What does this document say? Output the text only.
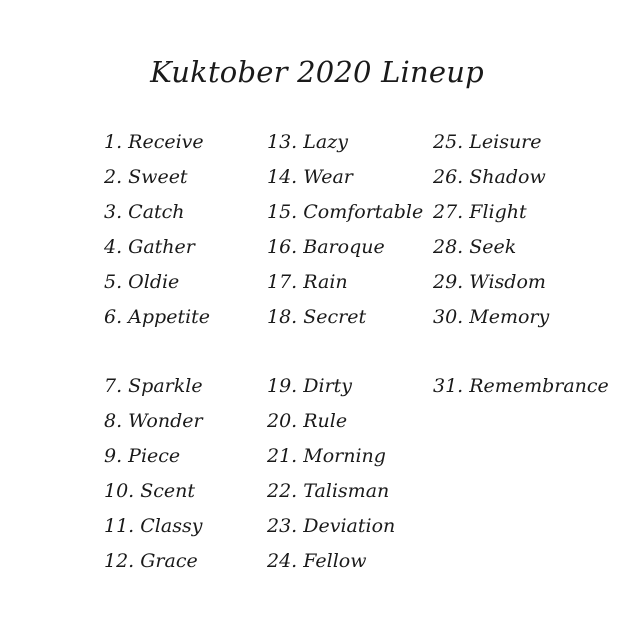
Kuktober 2020 Lineup
1. Receive
2. Sweet
3. Catch
4. Gather
5. Oldie
6. Appetite
7. Sparkle
8. Wonder
9. Piece
10. Scent
11. Classy
12. Grace
13. Lazy
14. Wear
15. Comfortable
16. Baroque
17. Rain
18. Secret
19. Dirty
20. Rule
21. Morning
22. Talisman
23. Deviation
24. Fellow
25. Leisure
26. Shadow
27. Flight
28. Seek
29. Wisdom
30. Memory
31. Remembrance
